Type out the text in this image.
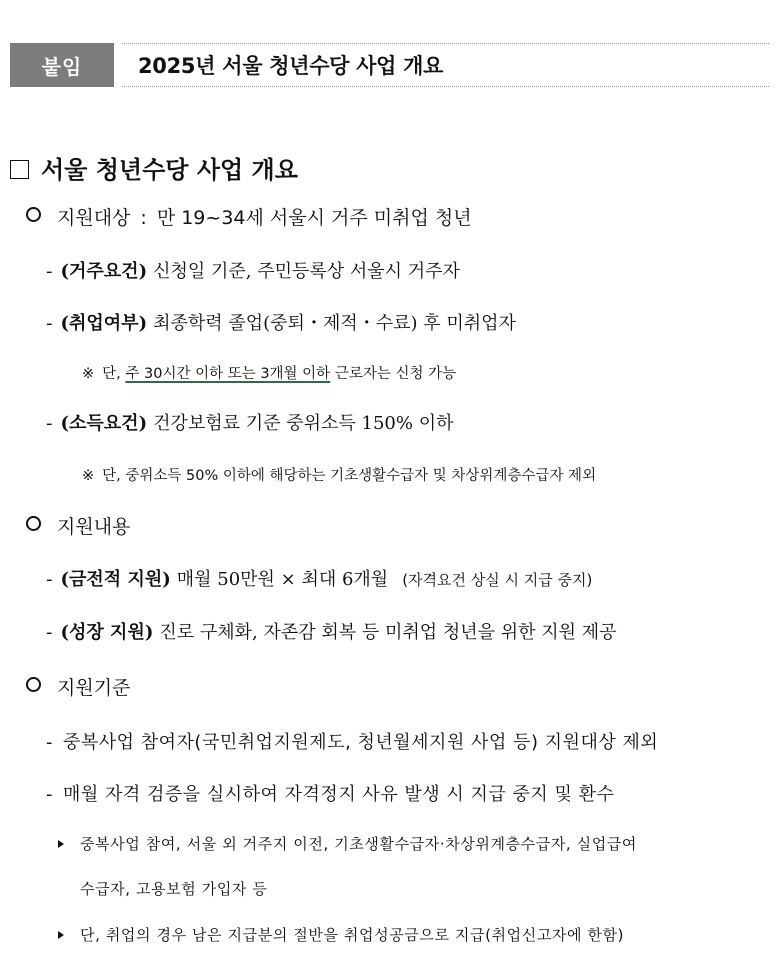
붙임	2025년 서울 청년수당 사업 개요
서울 청년수당 사업 개요
지원대상 : 만 19~34세 서울시 거주 미취업 청년
- (거주요건) 신청일 기준, 주민등록상 서울시 거주자
- (취업여부) 최종학력 졸업(중퇴・제적・수료) 후 미취업자
※ 단, 주 30시간 이하 또는 3개월 이하 근로자는 신청 가능
- (소득요건) 건강보험료 기준 중위소득 150% 이하
※ 단, 중위소득 50% 이하에 해당하는 기초생활수급자 및 차상위계층수급자 제외
지원내용
- (금전적 지원) 매월 50만원 × 최대 6개월 (자격요건 상실 시 지급 중지)
- (성장 지원) 진로 구체화, 자존감 회복 등 미취업 청년을 위한 지원 제공
지원기준
- 중복사업 참여자(국민취업지원제도, 청년월세지원 사업 등) 지원대상 제외
- 매월 자격 검증을 실시하여 자격정지 사유 발생 시 지급 중지 및 환수
중복사업 참여, 서울 외 거주지 이전, 기초생활수급자·차상위계층수급자, 실업급여
수급자, 고용보험 가입자 등
단, 취업의 경우 남은 지급분의 절반을 취업성공금으로 지급(취업신고자에 한함)
